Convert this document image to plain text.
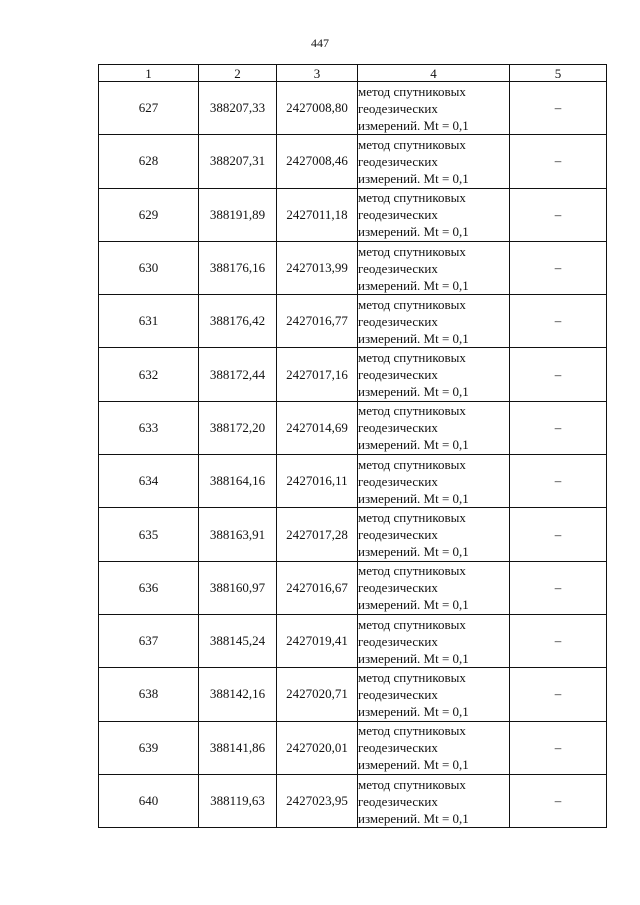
447
1	2	3	4	5
627	388207,33	2427008,80	метод спутниковых
геодезических
измерений. Mt = 0,1	–
628	388207,31	2427008,46	метод спутниковых
геодезических
измерений. Mt = 0,1	–
629	388191,89	2427011,18	метод спутниковых
геодезических
измерений. Mt = 0,1	–
630	388176,16	2427013,99	метод спутниковых
геодезических
измерений. Mt = 0,1	–
631	388176,42	2427016,77	метод спутниковых
геодезических
измерений. Mt = 0,1	–
632	388172,44	2427017,16	метод спутниковых
геодезических
измерений. Mt = 0,1	–
633	388172,20	2427014,69	метод спутниковых
геодезических
измерений. Mt = 0,1	–
634	388164,16	2427016,11	метод спутниковых
геодезических
измерений. Mt = 0,1	–
635	388163,91	2427017,28	метод спутниковых
геодезических
измерений. Mt = 0,1	–
636	388160,97	2427016,67	метод спутниковых
геодезических
измерений. Mt = 0,1	–
637	388145,24	2427019,41	метод спутниковых
геодезических
измерений. Mt = 0,1	–
638	388142,16	2427020,71	метод спутниковых
геодезических
измерений. Mt = 0,1	–
639	388141,86	2427020,01	метод спутниковых
геодезических
измерений. Mt = 0,1	–
640	388119,63	2427023,95	метод спутниковых
геодезических
измерений. Mt = 0,1	–
